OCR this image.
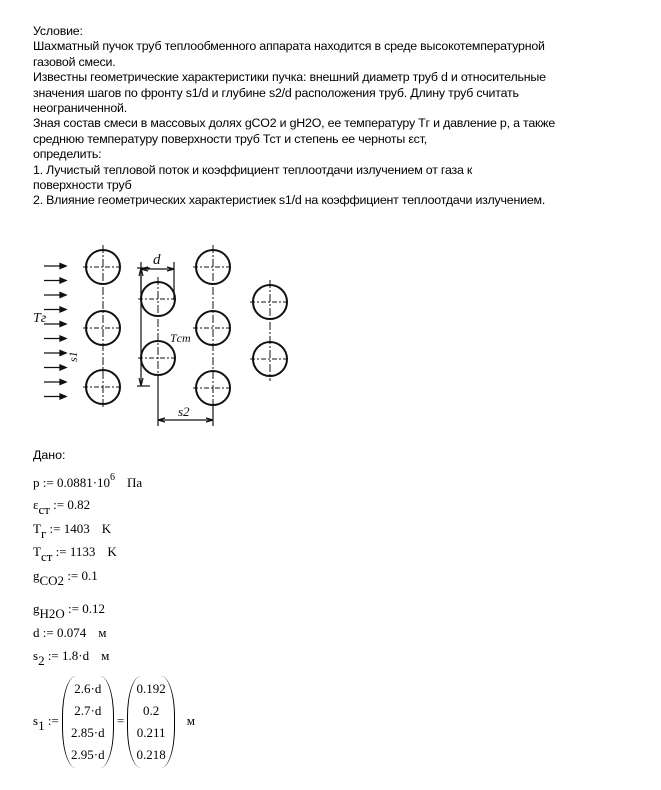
Условие:
Шахматный пучок труб теплообменного аппарата находится в среде высокотемпературной
газовой смеси.
Известны геометрические характеристики пучка: внешний диаметр труб d и относительные
значения шагов по фронту s1/d и глубине s2/d расположения труб. Длину труб считать
неограниченной.
Зная состав смеси в массовых долях gCO2 и gH2O, ее температуру Тг и давление р, а также
среднюю температуру поверхности труб Тст и степень ее черноты εст,
определить:
1. Лучистый тепловой поток и коэффициент теплоотдачи излучением от газа к
поверхности труб
2. Влияние геометрических характеристиек s1/d на коэффициент теплоотдачи излучением.
d
Tг
Tст
s1
s2
Дано:
p := $0.0881\cdot 10^6$ Па
$\varepsilon_{ст}$ := 0.82
$T_г$ := 1403 K
$T_{ст}$ := 1133 K
$g_{CO2}$ := 0.1
$g_{H2O}$ := 0.12
d := 0.074 м
$s_2$ := 1.8·d м
$s_1$ :=
2.6·d
2.7·d
2.85·d
2.95·d
=
0.192
0.2
0.211
0.218
м
